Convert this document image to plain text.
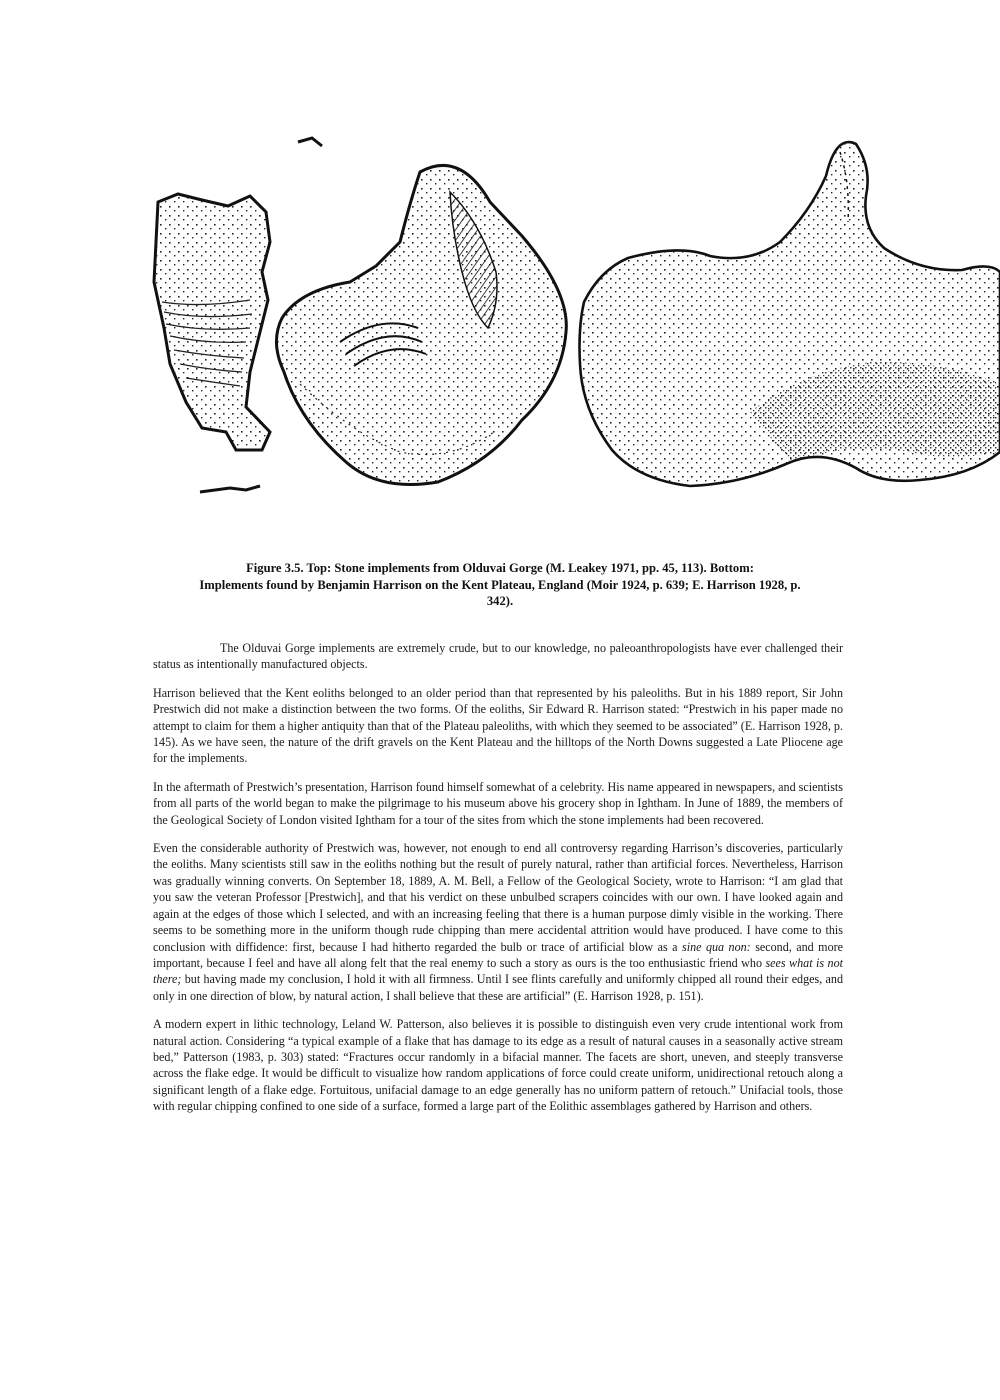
Figure 3.5. Top: Stone implements from Olduvai Gorge (M. Leakey 1971, pp. 45, 113). Bottom:
Implements found by Benjamin Harrison on the Kent Plateau, England (Moir 1924, p. 639; E. Harrison 1928, p.
342).

The Olduvai Gorge implements are extremely crude, but to our knowledge, no paleoanthropologists have ever challenged their status as intentionally manufactured objects.

Harrison believed that the Kent eoliths belonged to an older period than that represented by his paleoliths. But in his 1889 report, Sir John Prestwich did not make a distinction between the two forms. Of the eoliths, Sir Edward R. Harrison stated: “Prestwich in his paper made no attempt to claim for them a higher antiquity than that of the Plateau paleoliths, with which they seemed to be associated” (E. Harrison 1928, p. 145). As we have seen, the nature of the drift gravels on the Kent Plateau and the hilltops of the North Downs suggested a Late Pliocene age for the implements.

In the aftermath of Prestwich’s presentation, Harrison found himself somewhat of a celebrity. His name appeared in newspapers, and scientists from all parts of the world began to make the pilgrimage to his museum above his grocery shop in Ightham. In June of 1889, the members of the Geological Society of London visited Ightham for a tour of the sites from which the stone implements had been recovered.

Even the considerable authority of Prestwich was, however, not enough to end all controversy regarding Harrison’s discoveries, particularly the eoliths. Many scientists still saw in the eoliths nothing but the result of purely natural, rather than artificial forces. Nevertheless, Harrison was gradually winning converts. On September 18, 1889, A. M. Bell, a Fellow of the Geological Society, wrote to Harrison: “I am glad that you saw the veteran Professor [Prestwich], and that his verdict on these unbulbed scrapers coincides with our own. I have looked again and again at the edges of those which I selected, and with an increasing feeling that there is a human purpose dimly visible in the working. There seems to be something more in the uniform though rude chipping than mere accidental attrition would have produced. I have come to this conclusion with diffidence: first, because I had hitherto regarded the bulb or trace of artificial blow as a sine qua non: second, and more important, because I feel and have all along felt that the real enemy to such a story as ours is the too enthusiastic friend who sees what is not there; but having made my conclusion, I hold it with all firmness. Until I see flints carefully and uniformly chipped all round their edges, and only in one direction of blow, by natural action, I shall believe that these are artificial” (E. Harrison 1928, p. 151).

A modern expert in lithic technology, Leland W. Patterson, also believes it is possible to distinguish even very crude intentional work from natural action. Considering “a typical example of a flake that has damage to its edge as a result of natural causes in a seasonally active stream bed,” Patterson (1983, p. 303) stated: “Fractures occur randomly in a bifacial manner. The facets are short, uneven, and steeply transverse across the flake edge. It would be difficult to visualize how random applications of force could create uniform, unidirectional retouch along a significant length of a flake edge. Fortuitous, unifacial damage to an edge generally has no uniform pattern of retouch.” Unifacial tools, those with regular chipping confined to one side of a surface, formed a large part of the Eolithic assemblages gathered by Harrison and others.
